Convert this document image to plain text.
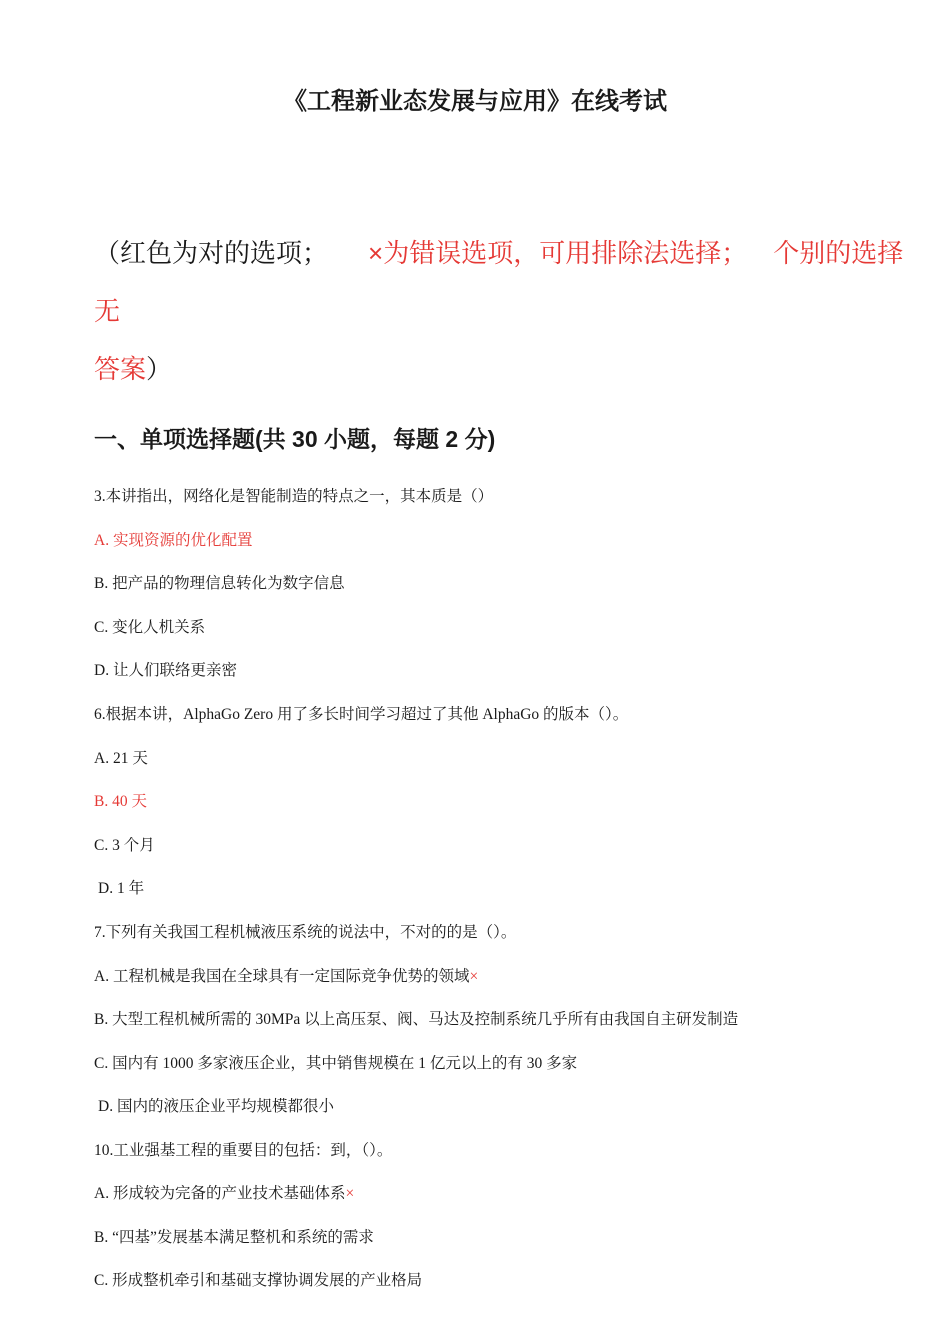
《工程新业态发展与应用》在线考试

（红色为对的选项； ×为错误选项，可用排除法选择； 个别的选择无
答案）

一、单项选择题(共 30 小题，每题 2 分)

3.本讲指出，网络化是智能制造的特点之一，其本质是（）

A. 实现资源的优化配置

B. 把产品的物理信息转化为数字信息

C. 变化人机关系

D. 让人们联络更亲密

6.根据本讲，AlphaGo Zero 用了多长时间学习超过了其他 AlphaGo 的版本（）。

A. 21 天

B. 40 天

C. 3 个月

D. 1 年

7.下列有关我国工程机械液压系统的说法中，不对的的是（）。

A. 工程机械是我国在全球具有一定国际竞争优势的领域×

B. 大型工程机械所需的 30MPa 以上高压泵、阀、马达及控制系统几乎所有由我国自主研发制造

C. 国内有 1000 多家液压企业，其中销售规模在 1 亿元以上的有 30 多家

D. 国内的液压企业平均规模都很小

10.工业强基工程的重要目的包括：到，（）。

A. 形成较为完备的产业技术基础体系×

B. “四基”发展基本满足整机和系统的需求

C. 形成整机牵引和基础支撑协调发展的产业格局
